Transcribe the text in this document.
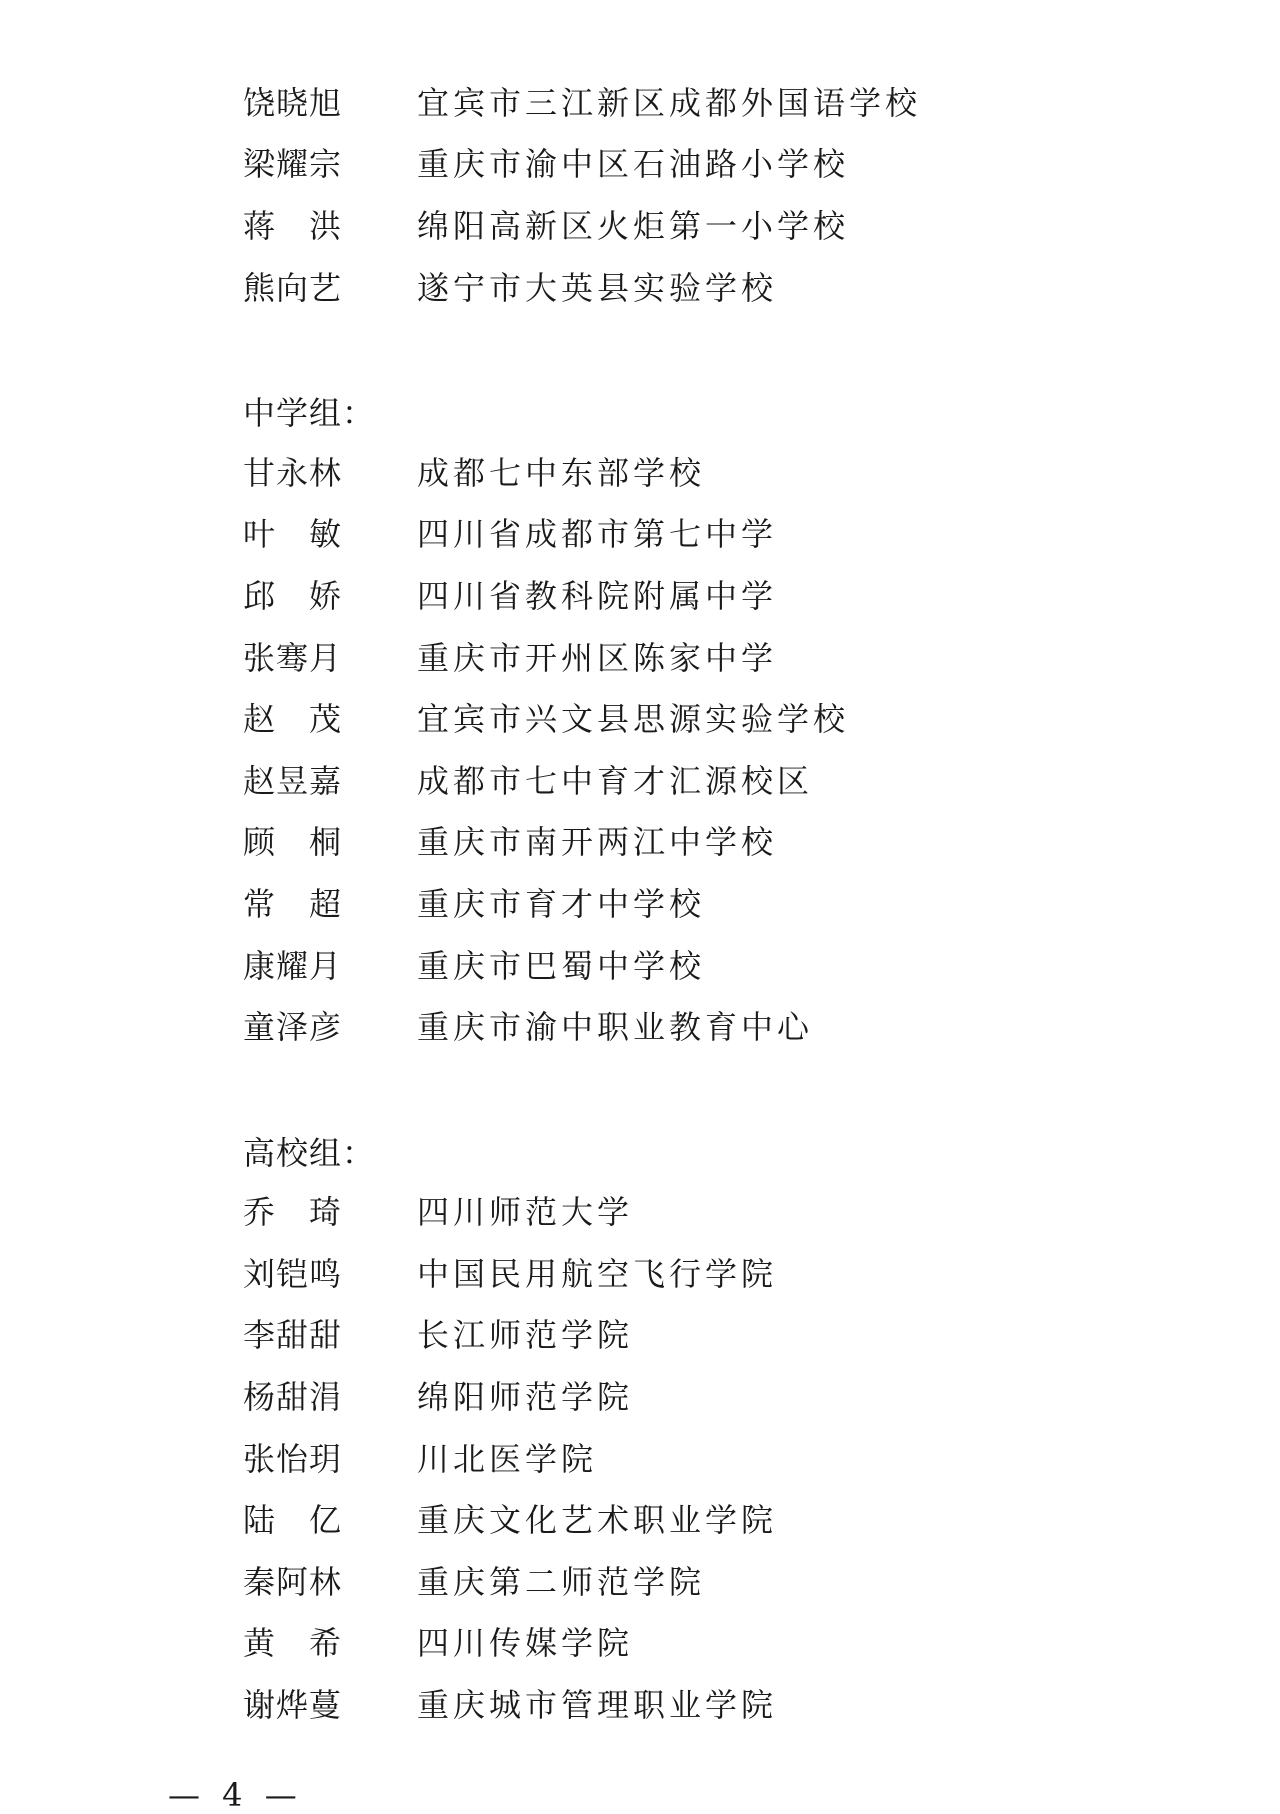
饶晓旭	宜宾市三江新区成都外国语学校
梁耀宗	重庆市渝中区石油路小学校
蒋　洪	绵阳高新区火炬第一小学校
熊向艺	遂宁市大英县实验学校
中学组：
甘永林	成都七中东部学校
叶　敏	四川省成都市第七中学
邱　娇	四川省教科院附属中学
张骞月	重庆市开州区陈家中学
赵　茂	宜宾市兴文县思源实验学校
赵昱嘉	成都市七中育才汇源校区
顾　桐	重庆市南开两江中学校
常　超	重庆市育才中学校
康耀月	重庆市巴蜀中学校
童泽彦	重庆市渝中职业教育中心
高校组：
乔　琦	四川师范大学
刘铠鸣	中国民用航空飞行学院
李甜甜	长江师范学院
杨甜涓	绵阳师范学院
张怡玥	川北医学院
陆　亿	重庆文化艺术职业学院
秦阿林	重庆第二师范学院
黄　希	四川传媒学院
谢烨蔓	重庆城市管理职业学院
— 4 —
